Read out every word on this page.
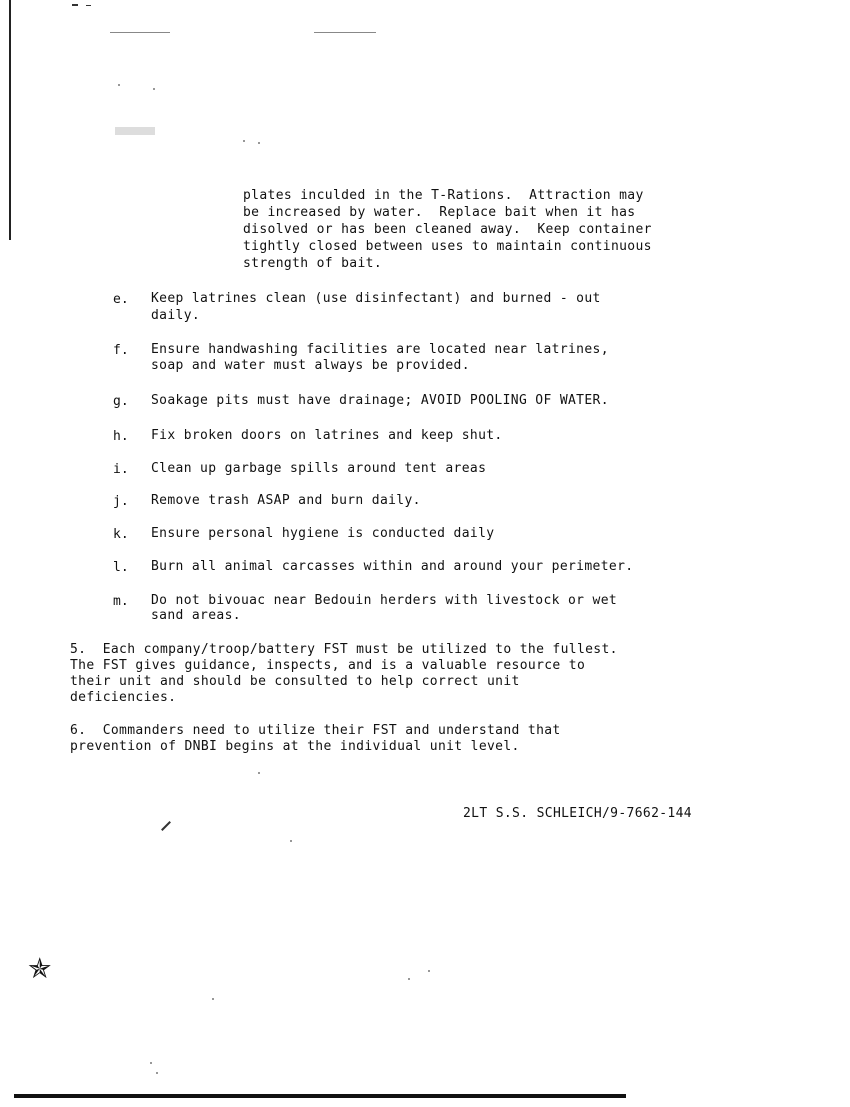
plates inculded in the T-Rations.  Attraction may
be increased by water.  Replace bait when it has
disolved or has been cleaned away.  Keep container
tightly closed between uses to maintain continuous
strength of bait.
e. Keep latrines clean (use disinfectant) and burned - out
daily.
f. Ensure handwashing facilities are located near latrines,
soap and water must always be provided.
g. Soakage pits must have drainage; AVOID POOLING OF WATER.
h. Fix broken doors on latrines and keep shut.
i. Clean up garbage spills around tent areas
j. Remove trash ASAP and burn daily.
k. Ensure personal hygiene is conducted daily
l. Burn all animal carcasses within and around your perimeter.
m. Do not bivouac near Bedouin herders with livestock or wet
sand areas.
5.  Each company/troop/battery FST must be utilized to the fullest.
The FST gives guidance, inspects, and is a valuable resource to
their unit and should be consulted to help correct unit
deficiencies.
6.  Commanders need to utilize their FST and understand that
prevention of DNBI begins at the individual unit level.
2LT S.S. SCHLEICH/9-7662-144
✯
